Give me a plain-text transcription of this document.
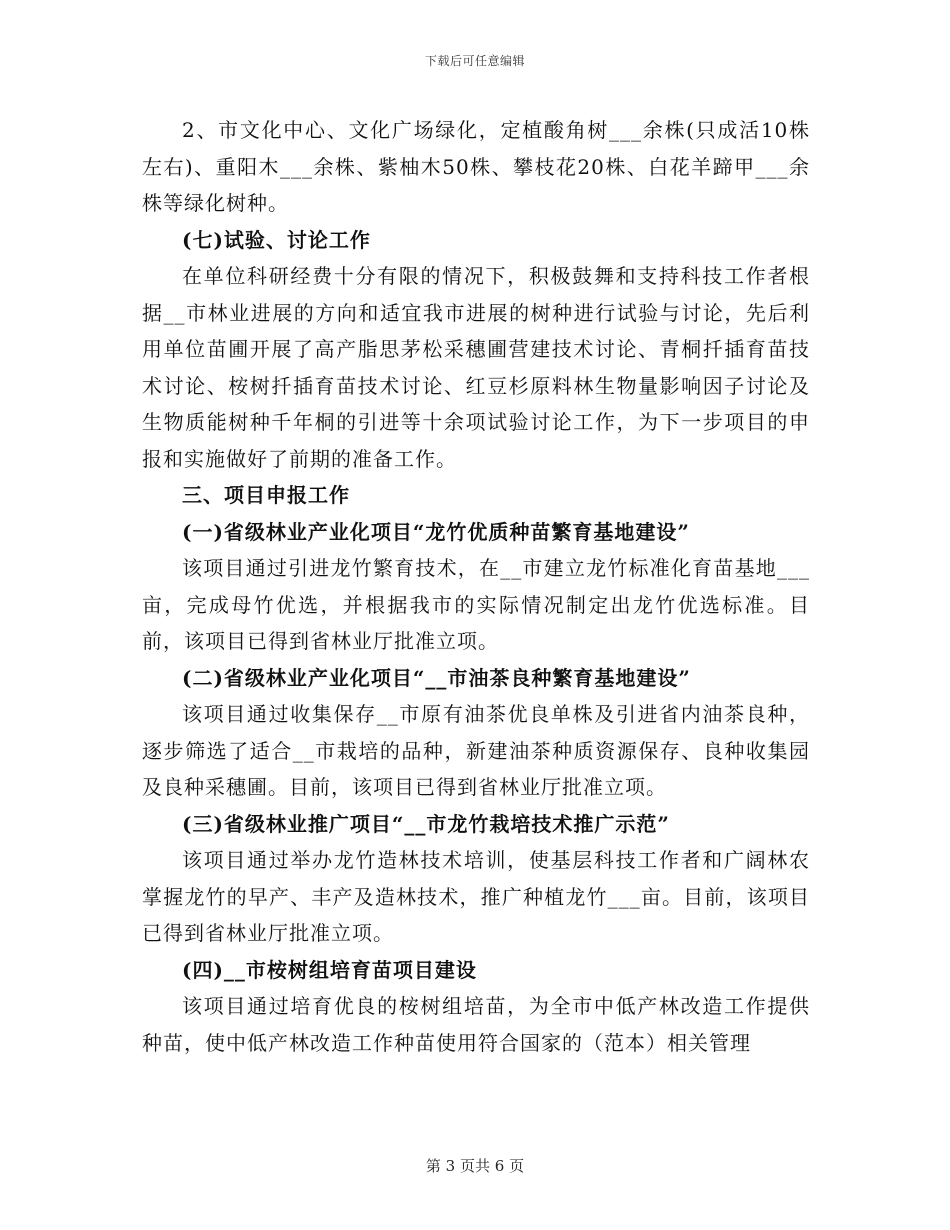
下载后可任意编辑

2、市文化中心、文化广场绿化，定植酸角树___余株(只成活10株左右)、重阳木___余株、紫柚木50株、攀枝花20株、白花羊蹄甲___余株等绿化树种。

(七)试验、讨论工作

在单位科研经费十分有限的情况下，积极鼓舞和支持科技工作者根据__市林业进展的方向和适宜我市进展的树种进行试验与讨论，先后利用单位苗圃开展了高产脂思茅松采穗圃营建技术讨论、青桐扦插育苗技术讨论、桉树扦插育苗技术讨论、红豆杉原料林生物量影响因子讨论及生物质能树种千年桐的引进等十余项试验讨论工作，为下一步项目的申报和实施做好了前期的准备工作。

三、项目申报工作

(一)省级林业产业化项目“龙竹优质种苗繁育基地建设”

该项目通过引进龙竹繁育技术，在__市建立龙竹标准化育苗基地___亩，完成母竹优选，并根据我市的实际情况制定出龙竹优选标准。目前，该项目已得到省林业厅批准立项。

(二)省级林业产业化项目“__市油茶良种繁育基地建设”

该项目通过收集保存__市原有油茶优良单株及引进省内油茶良种，逐步筛选了适合__市栽培的品种，新建油茶种质资源保存、良种收集园及良种采穗圃。目前，该项目已得到省林业厅批准立项。

(三)省级林业推广项目“__市龙竹栽培技术推广示范”

该项目通过举办龙竹造林技术培训，使基层科技工作者和广阔林农掌握龙竹的早产、丰产及造林技术，推广种植龙竹___亩。目前，该项目已得到省林业厅批准立项。

(四)__市桉树组培育苗项目建设

该项目通过培育优良的桉树组培苗，为全市中低产林改造工作提供种苗，使中低产林改造工作种苗使用符合国家的（范本）相关管理

第 3 页共 6 页
